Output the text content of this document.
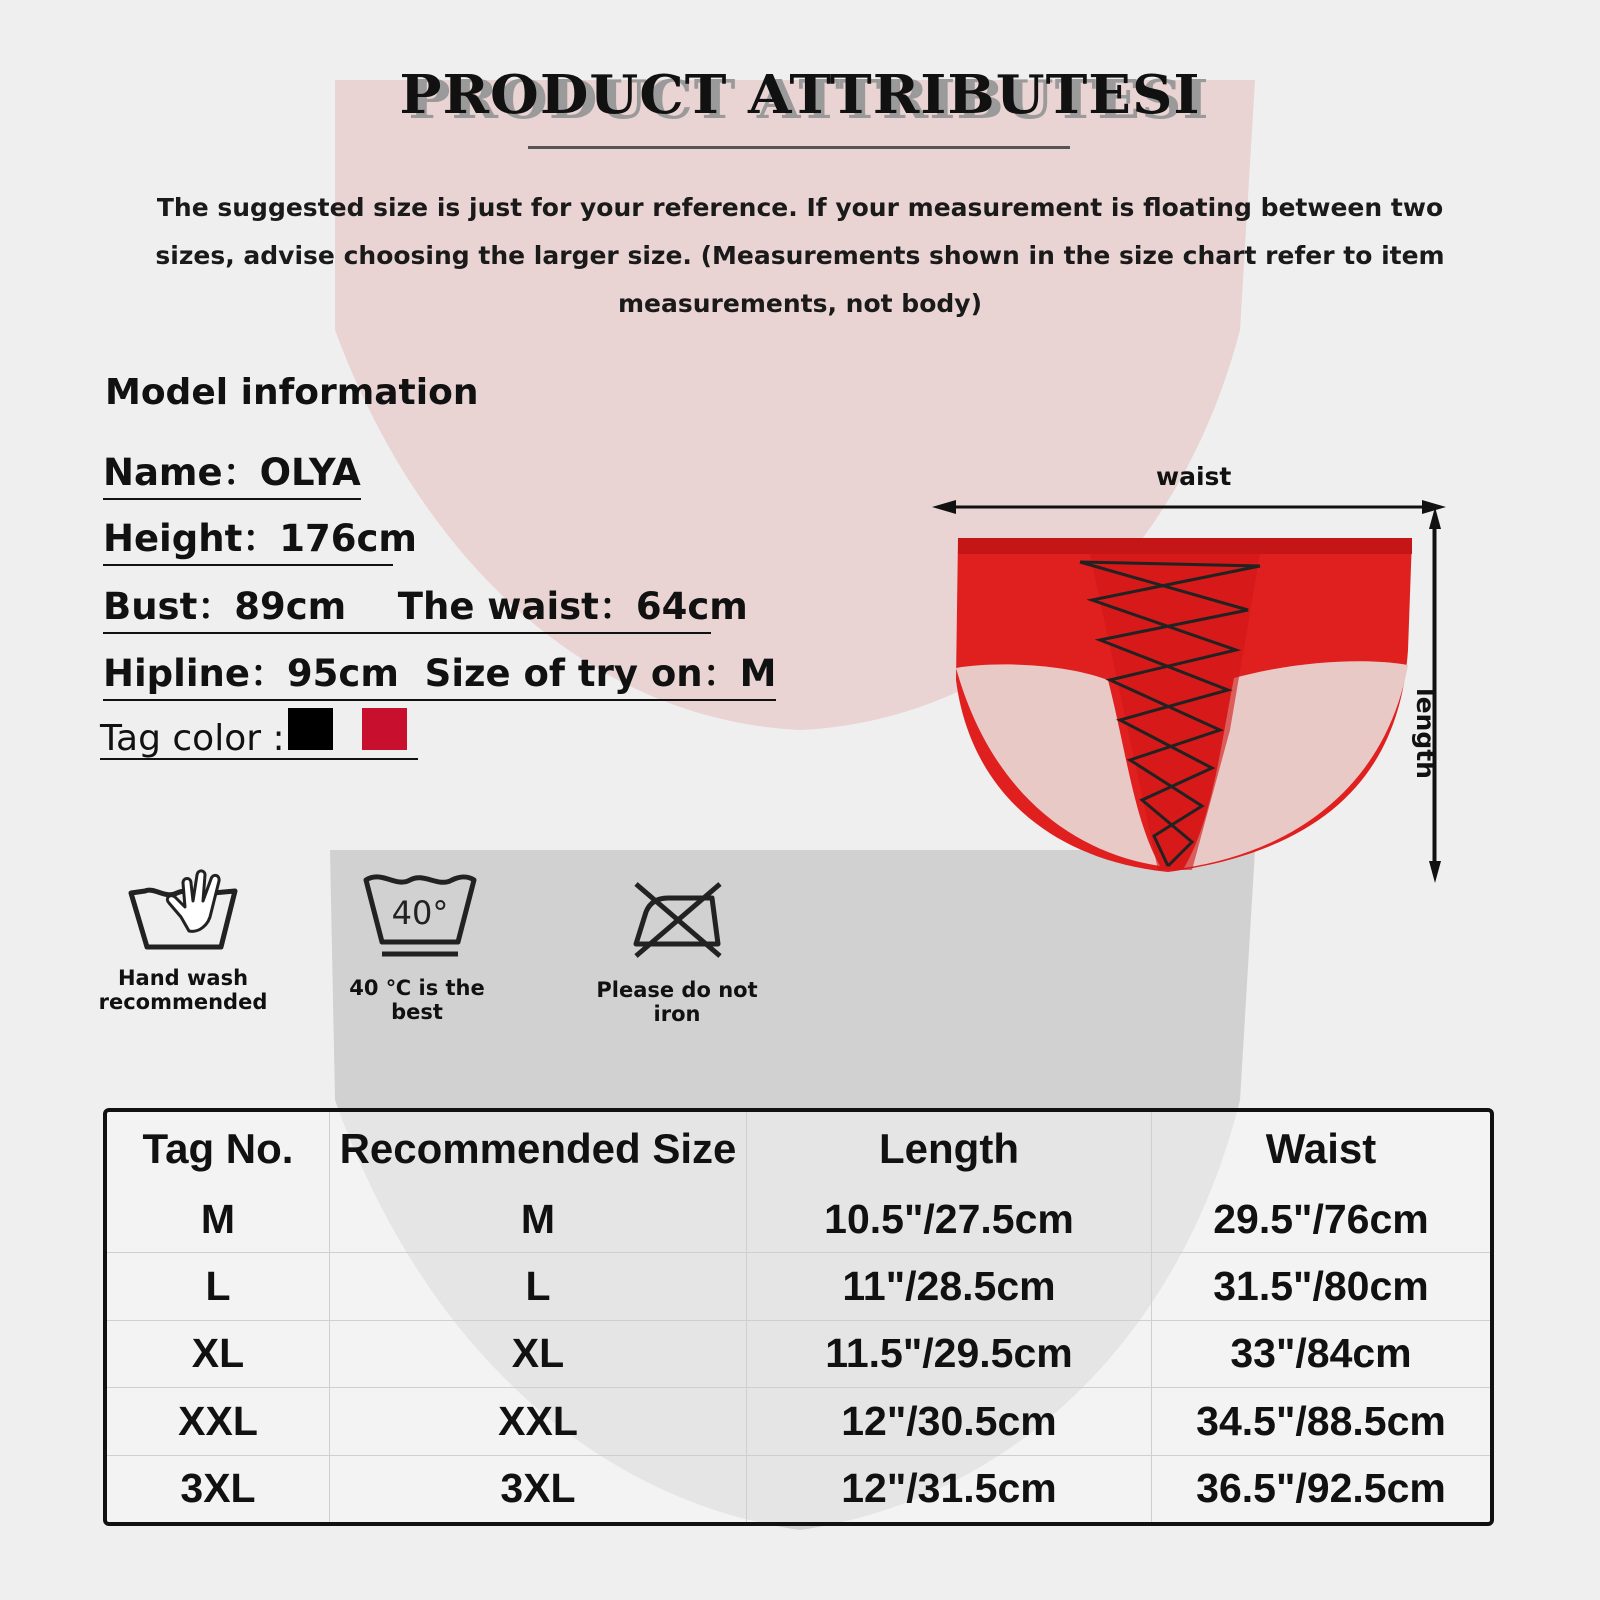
PRODUCT ATTRIBUTESI
The suggested size is just for your reference. If your measurement is floating between two sizes, advise choosing the larger size. (Measurements shown in the size chart refer to item measurements, not body)
Model information
Name：OLYA
Height：176cm
Bust：89cm    The waist：64cm
Hipline：95cm  Size of try on：M
Tag color :
waist
length
Hand wash
recommended
40°
40 ℃ is the best
Please do not iron
Tag No.	Recommended Size	Length	Waist
M	M	10.5"/27.5cm	29.5"/76cm
L	L	11"/28.5cm	31.5"/80cm
XL	XL	11.5"/29.5cm	33"/84cm
XXL	XXL	12"/30.5cm	34.5"/88.5cm
3XL	3XL	12"/31.5cm	36.5"/92.5cm
